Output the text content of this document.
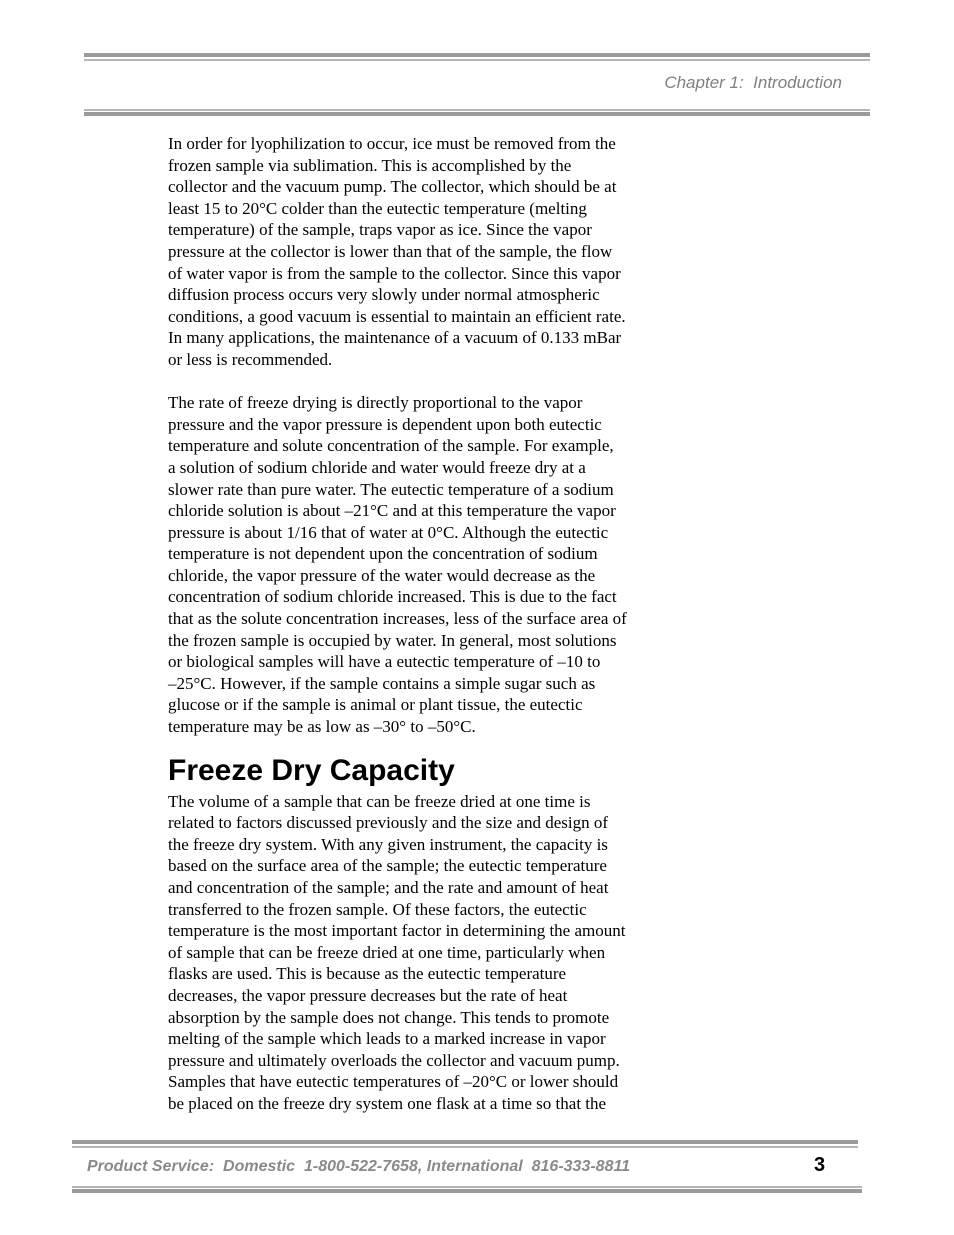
Chapter 1:  Introduction

In order for lyophilization to occur, ice must be removed from the
frozen sample via sublimation. This is accomplished by the
collector and the vacuum pump. The collector, which should be at
least 15 to 20°C colder than the eutectic temperature (melting
temperature) of the sample, traps vapor as ice. Since the vapor
pressure at the collector is lower than that of the sample, the flow
of water vapor is from the sample to the collector. Since this vapor
diffusion process occurs very slowly under normal atmospheric
conditions, a good vacuum is essential to maintain an efficient rate.
In many applications, the maintenance of a vacuum of 0.133 mBar
or less is recommended.

The rate of freeze drying is directly proportional to the vapor
pressure and the vapor pressure is dependent upon both eutectic
temperature and solute concentration of the sample. For example,
a solution of sodium chloride and water would freeze dry at a
slower rate than pure water. The eutectic temperature of a sodium
chloride solution is about –21°C and at this temperature the vapor
pressure is about 1/16 that of water at 0°C. Although the eutectic
temperature is not dependent upon the concentration of sodium
chloride, the vapor pressure of the water would decrease as the
concentration of sodium chloride increased. This is due to the fact
that as the solute concentration increases, less of the surface area of
the frozen sample is occupied by water. In general, most solutions
or biological samples will have a eutectic temperature of –10 to
–25°C. However, if the sample contains a simple sugar such as
glucose or if the sample is animal or plant tissue, the eutectic
temperature may be as low as –30° to –50°C.

Freeze Dry Capacity

The volume of a sample that can be freeze dried at one time is
related to factors discussed previously and the size and design of
the freeze dry system. With any given instrument, the capacity is
based on the surface area of the sample; the eutectic temperature
and concentration of the sample; and the rate and amount of heat
transferred to the frozen sample. Of these factors, the eutectic
temperature is the most important factor in determining the amount
of sample that can be freeze dried at one time, particularly when
flasks are used. This is because as the eutectic temperature
decreases, the vapor pressure decreases but the rate of heat
absorption by the sample does not change. This tends to promote
melting of the sample which leads to a marked increase in vapor
pressure and ultimately overloads the collector and vacuum pump.
Samples that have eutectic temperatures of –20°C or lower should
be placed on the freeze dry system one flask at a time so that the

Product Service:  Domestic  1-800-522-7658, International  816-333-8811	3
